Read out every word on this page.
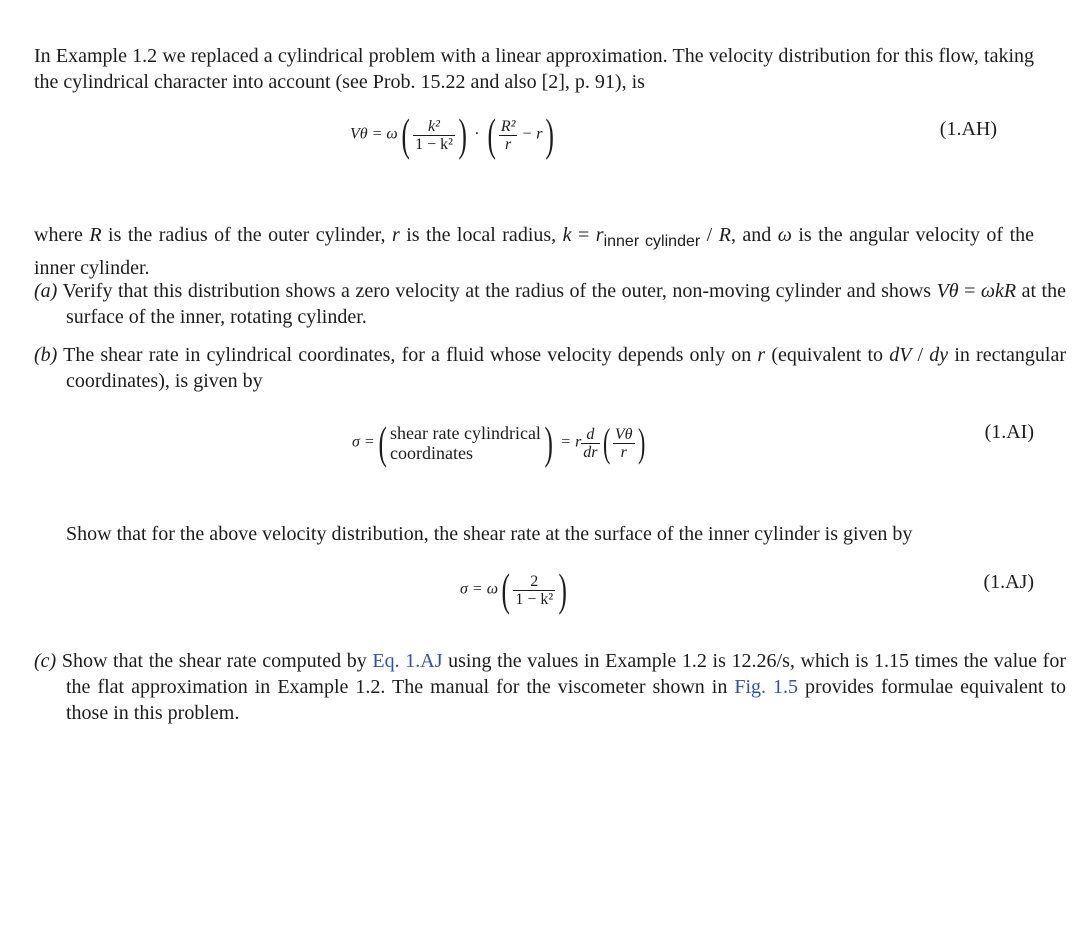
In Example 1.2 we replaced a cylindrical problem with a linear approximation. The velocity distribution for this flow, taking the cylindrical character into account (see Prob. 15.22 and also [2], p. 91), is
$V\theta = \omega( \frac{\text{k²}}{\text{1 − k²}}$ ) · ( $\frac{\text{R²}}{r} - r$)	(1.AH)
where R is the radius of the outer cylinder, r is the local radius, $k = r_{inner cylinder} / R$, and ω is the angular velocity of the inner cylinder.
(a) Verify that this distribution shows a zero velocity at the radius of the outer, non-moving cylinder and shows Vθ = ωkR at the surface of the inner, rotating cylinder.
(b) The shear rate in cylindrical coordinates, for a fluid whose velocity depends only on r (equivalent to dV / dy in rectangular coordinates), is given by
σ =( shear rate cylindrical
coordinates ) = r $\frac{d}{dr}$ ( $\frac{V\theta}{r}$ )	(1.AI)
Show that for the above velocity distribution, the shear rate at the surface of the inner cylinder is given by
$\sigma = \omega( \frac{2}{\text{1 − k²}}$ )	(1.AJ)
(c) Show that the shear rate computed by Eq. 1.AJ using the values in Example 1.2 is 12.26/s, which is 1.15 times the value for the flat approximation in Example 1.2. The manual for the viscometer shown in Fig. 1.5 provides formulae equivalent to those in this problem.
